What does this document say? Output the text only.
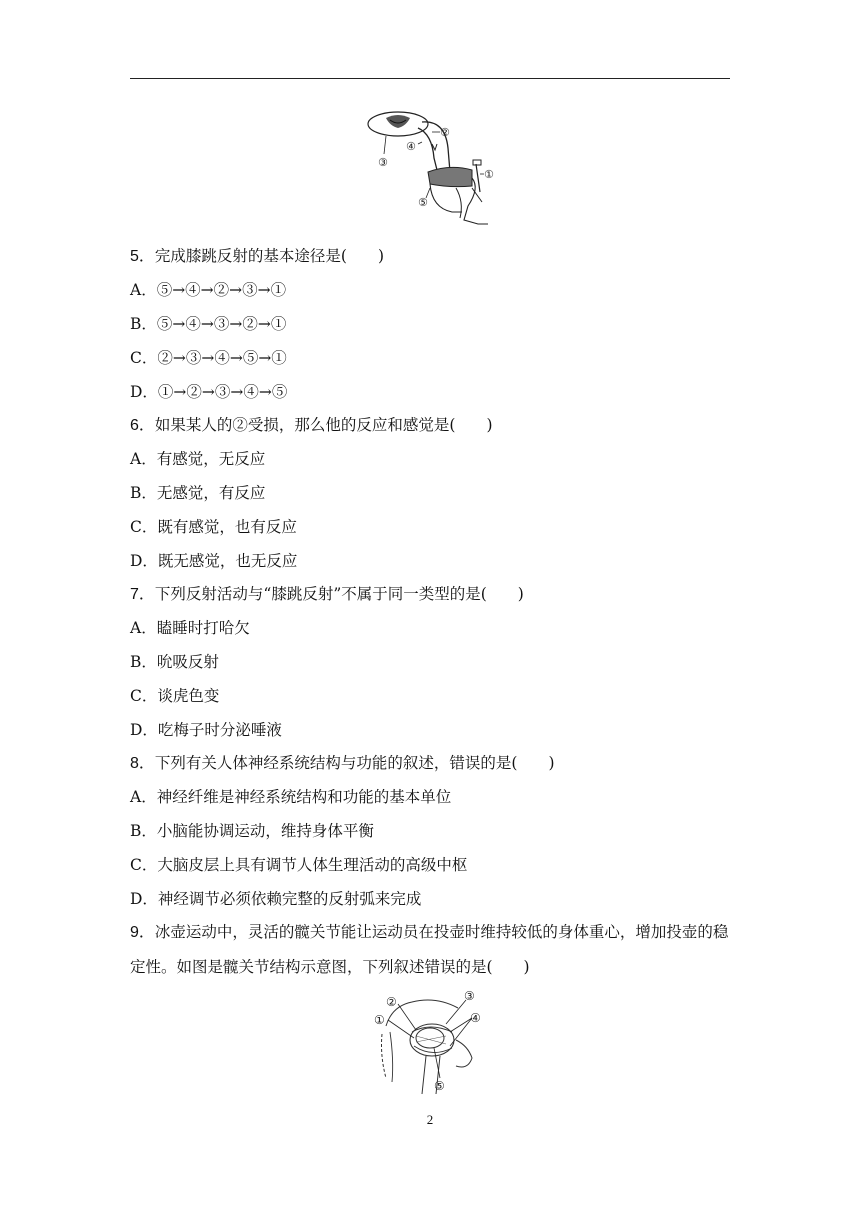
②
③
④
①
⑤
5．完成膝跳反射的基本途径是(　　)
A．⑤→④→②→③→①
B．⑤→④→③→②→①
C．②→③→④→⑤→①
D．①→②→③→④→⑤
6．如果某人的②受损，那么他的反应和感觉是(　　)
A．有感觉，无反应
B．无感觉，有反应
C．既有感觉，也有反应
D．既无感觉，也无反应
7．下列反射活动与“膝跳反射”不属于同一类型的是(　　)
A．瞌睡时打哈欠
B．吮吸反射
C．谈虎色变
D．吃梅子时分泌唾液
8．下列有关人体神经系统结构与功能的叙述，错误的是(　　)
A．神经纤维是神经系统结构和功能的基本单位
B．小脑能协调运动，维持身体平衡
C．大脑皮层上具有调节人体生理活动的高级中枢
D．神经调节必须依赖完整的反射弧来完成
9．冰壶运动中，灵活的髋关节能让运动员在投壶时维持较低的身体重心，增加投壶的稳定性。如图是髋关节结构示意图，下列叙述错误的是(　　)
②
①
③
④
⑤
2
